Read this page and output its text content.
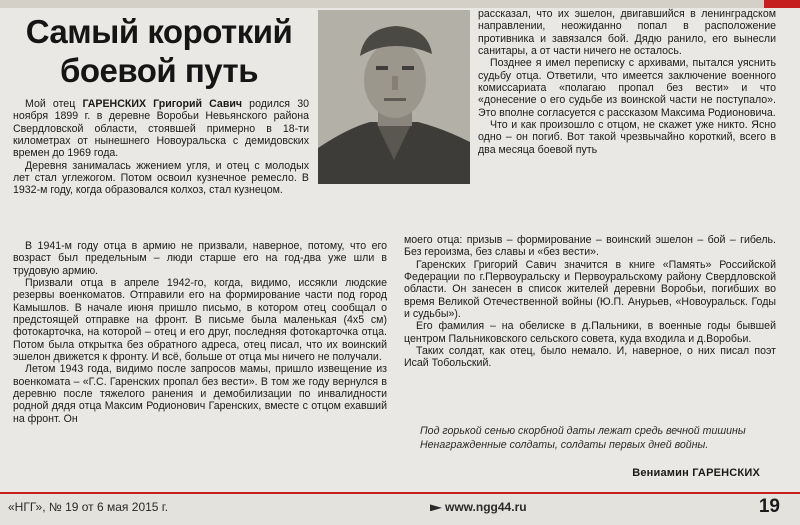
Самый короткий
боевой путь

Мой отец ГАРЕНСКИХ Григорий Савич родился 30 ноября 1899 г. в деревне Воробьи Невьянского района Свердловской области, стоявшей примерно в 18-ти километрах от нынешнего Новоуральска с демидовских времен до 1969 года.

Деревня занималась жжением угля, и отец с молодых лет стал углежогом. Потом освоил кузнечное ремесло. В 1932-м году, когда образовался колхоз, стал кузнецом.

В 1941-м году отца в армию не призвали, наверное, потому, что его возраст был предельным – люди старше его на год-два уже шли в трудовую армию.

Призвали отца в апреле 1942-го, когда, видимо, иссякли людские резервы военкоматов. Отправили его на формирование части под город Камышлов. В начале июня пришло письмо, в котором отец сообщал о предстоящей отправке на фронт. В письме была маленькая (4х5 см) фотокарточка, на которой – отец и его друг, последняя фотокарточка отца. Потом была открытка без обратного адреса, отец писал, что их воинский эшелон движется к фронту. И всё, больше от отца мы ничего не получали.

Летом 1943 года, видимо после запросов мамы, пришло извещение из военкомата – «Г.С. Гаренских пропал без вести». В том же году вернулся в деревню после тяжелого ранения и демобилизации по инвалидности родной дядя отца Максим Родионович Гаренских, вместе с отцом ехавший на фронт. Он

рассказал, что их эшелон, двигавшийся в ленинградском направлении, неожиданно попал в расположение противника и завязался бой. Дядю ранило, его вынесли санитары, а от части ничего не осталось.

Позднее я имел переписку с архивами, пытался уяснить судьбу отца. Ответили, что имеется заключение военного комиссариата «полагаю пропал без вести» и что «донесение о его судьбе из воинской части не поступало». Это вполне согласуется с рассказом Максима Родионовича.

Что и как произошло с отцом, не скажет уже никто. Ясно одно – он погиб. Вот такой чрезвычайно короткий, всего в два месяца боевой путь

моего отца: призыв – формирование – воинский эшелон – бой – гибель. Без героизма, без славы и «без вести».

Гаренских Григорий Савич значится в книге «Память» Российской Федерации по г.Первоуральску и Первоуральскому району Свердловской области. Он занесен в список жителей деревни Воробьи, погибших во время Великой Отечественной войны (Ю.П. Анурьев, «Новоуральск. Годы и судьбы»).

Его фамилия – на обелиске в д.Пальники, в военные годы бывшей центром Пальниковского сельского совета, куда входила и д.Воробьи.

Таких солдат, как отец, было немало. И, наверное, о них писал поэт Исай Тобольский.

Под горькой сенью скорбной даты лежат средь вечной тишины
Ненагражденные солдаты, солдаты первых дней войны.
Вениамин ГАРЕНСКИХ
«НГГ», № 19 от 6 мая 2015 г.	www.ngg44.ru	19
